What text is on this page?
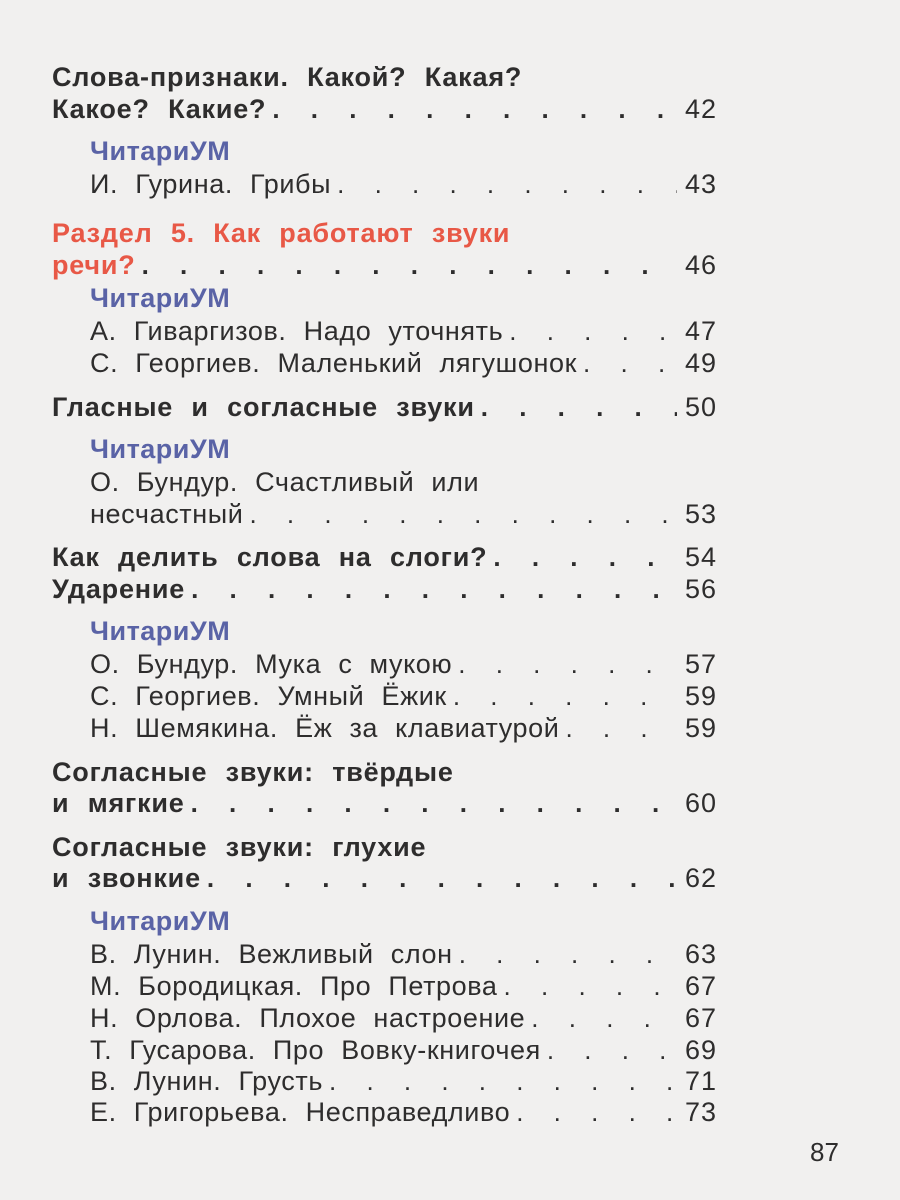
Слова-признаки. Какой? Какая?
Какое? Какие? . . .	42
ЧитариУМ
И. Гурина. Грибы . . .	43
Раздел 5. Как работают звуки
речи? . . .	46
ЧитариУМ
А. Гиваргизов. Надо уточнять . . .	47
С. Георгиев. Маленький лягушонок . . .	49
Гласные и согласные звуки . . .	50
ЧитариУМ
О. Бундур. Счастливый или
несчастный . . .	53
Как делить слова на слоги? . . .	54
Ударение . . .	56
ЧитариУМ
О. Бундур. Мука с мукою . . .	57
С. Георгиев. Умный Ёжик . . .	59
Н. Шемякина. Ёж за клавиатурой . . .	59
Согласные звуки: твёрдые
и мягкие . . .	60
Согласные звуки: глухие
и звонкие . . .	62
ЧитариУМ
В. Лунин. Вежливый слон . . .	63
М. Бородицкая. Про Петрова . . .	67
Н. Орлова. Плохое настроение . . .	67
Т. Гусарова. Про Вовку-книгочея . . .	69
В. Лунин. Грусть . . .	71
Е. Григорьева. Несправедливо . . .	73
87
